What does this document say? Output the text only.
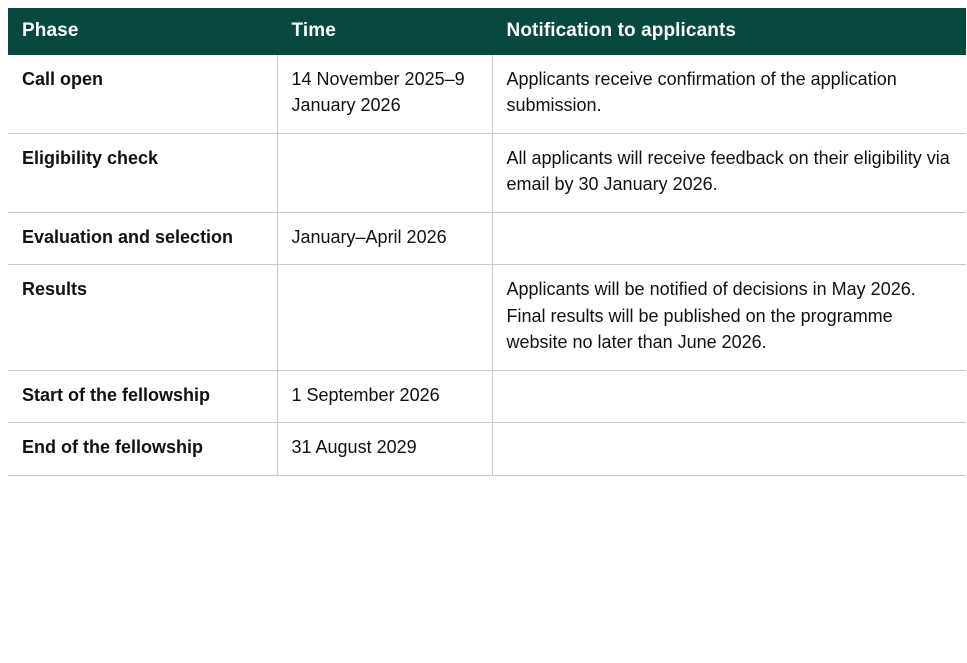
Phase	Time	Notification to applicants
Call open	14 November 2025–9 January 2026	Applicants receive confirmation of the application submission.
Eligibility check		All applicants will receive feedback on their eligibility via email by 30 January 2026.
Evaluation and selection	January–April 2026	
Results		Applicants will be notified of decisions in May 2026. Final results will be published on the programme website no later than June 2026.
Start of the fellowship	1 September 2026	
End of the fellowship	31 August 2029	
